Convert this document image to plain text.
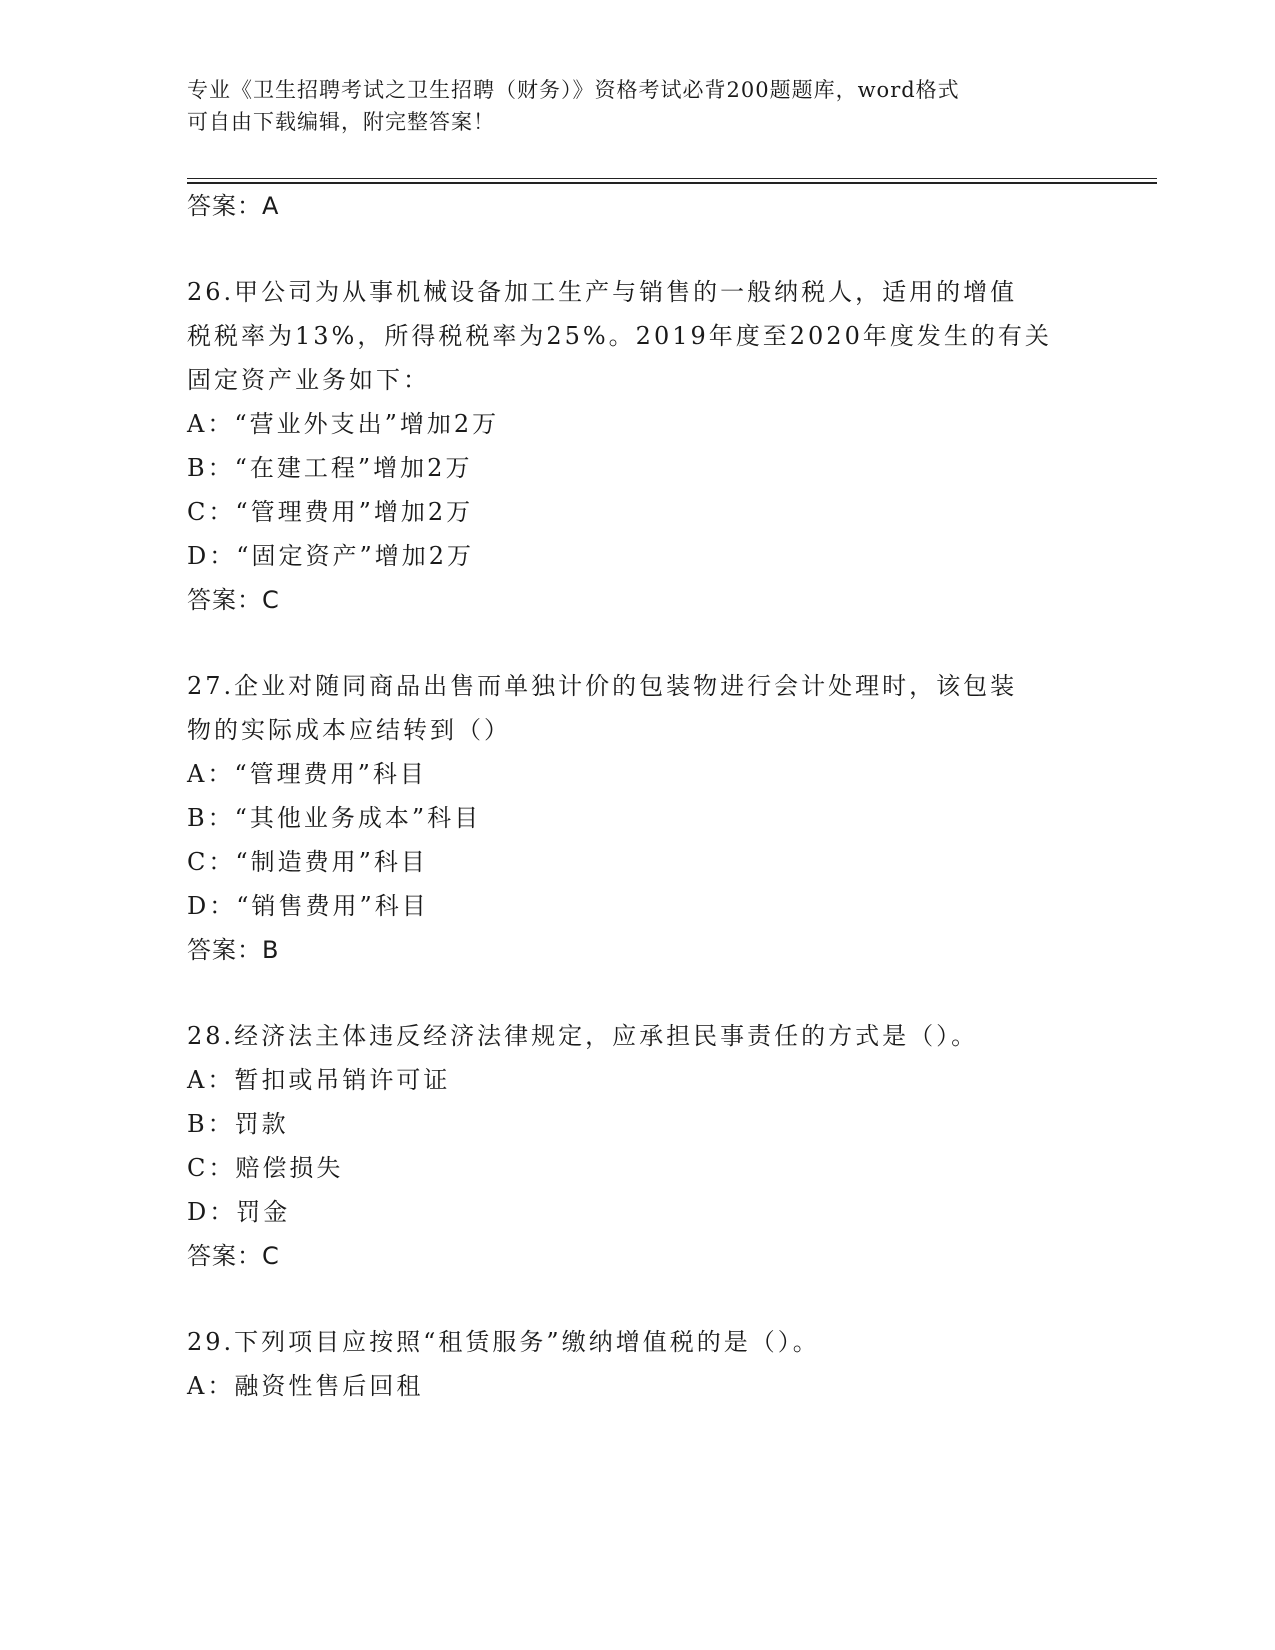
专业《卫生招聘考试之卫生招聘（财务）》资格考试必背200题题库，word格式
可自由下载编辑，附完整答案！
答案：A
26.甲公司为从事机械设备加工生产与销售的一般纳税人，适用的增值
税税率为13%，所得税税率为25%。2019年度至2020年度发生的有关
固定资产业务如下：
A：“营业外支出”增加2万
B：“在建工程”增加2万
C：“管理费用”增加2万
D：“固定资产”增加2万
答案：C
27.企业对随同商品出售而单独计价的包装物进行会计处理时，该包装
物的实际成本应结转到（）
A：“管理费用”科目
B：“其他业务成本”科目
C：“制造费用”科目
D：“销售费用”科目
答案：B
28.经济法主体违反经济法律规定，应承担民事责任的方式是（）。
A：暂扣或吊销许可证
B：罚款
C：赔偿损失
D：罚金
答案：C
29.下列项目应按照“租赁服务”缴纳增值税的是（）。
A：融资性售后回租
